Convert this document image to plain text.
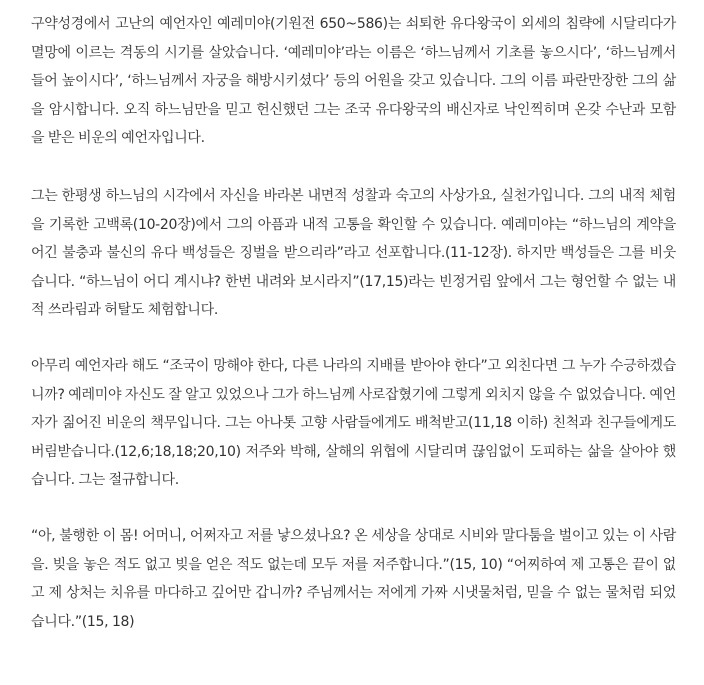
구약성경에서 고난의 예언자인 예레미야(기원전 650~586)는 쇠퇴한 유다왕국이 외세의 침략에 시달리다가 멸망에 이르는 격동의 시기를 살았습니다. ‘예레미야’라는 이름은 ‘하느님께서 기초를 놓으시다’, ‘하느님께서 들어 높이시다’, ‘하느님께서 자궁을 해방시키셨다’ 등의 어원을 갖고 있습니다. 그의 이름 파란만장한 그의 삶을 암시합니다. 오직 하느님만을 믿고 헌신했던 그는 조국 유다왕국의 배신자로 낙인찍히며 온갖 수난과 모함을 받은 비운의 예언자입니다.

그는 한평생 하느님의 시각에서 자신을 바라본 내면적 성찰과 숙고의 사상가요, 실천가입니다. 그의 내적 체험을 기록한 고백록(10-20장)에서 그의 아픔과 내적 고통을 확인할 수 있습니다. 예레미야는 “하느님의 계약을 어긴 불충과 불신의 유다 백성들은 징벌을 받으리라”라고 선포합니다.(11-12장). 하지만 백성들은 그를 비웃습니다. “하느님이 어디 계시냐? 한번 내려와 보시라지”(17,15)라는 빈정거림 앞에서 그는 형언할 수 없는 내적 쓰라림과 허탈도 체험합니다.

아무리 예언자라 해도 “조국이 망해야 한다, 다른 나라의 지배를 받아야 한다”고 외친다면 그 누가 수긍하겠습니까? 예레미야 자신도 잘 알고 있었으나 그가 하느님께 사로잡혔기에 그렇게 외치지 않을 수 없었습니다. 예언자가 짊어진 비운의 책무입니다. 그는 아나톳 고향 사람들에게도 배척받고(11,18 이하) 친척과 친구들에게도 버림받습니다.(12,6;18,18;20,10) 저주와 박해, 살해의 위협에 시달리며 끊임없이 도피하는 삶을 살아야 했습니다. 그는 절규합니다.

“아, 불행한 이 몸! 어머니, 어쩌자고 저를 낳으셨나요? 온 세상을 상대로 시비와 말다툼을 벌이고 있는 이 사람을. 빚을 놓은 적도 없고 빚을 얻은 적도 없는데 모두 저를 저주합니다.”(15, 10) “어찌하여 제 고통은 끝이 없고 제 상처는 치유를 마다하고 깊어만 갑니까? 주님께서는 저에게 가짜 시냇물처럼, 믿을 수 없는 물처럼 되었습니다.”(15, 18)
